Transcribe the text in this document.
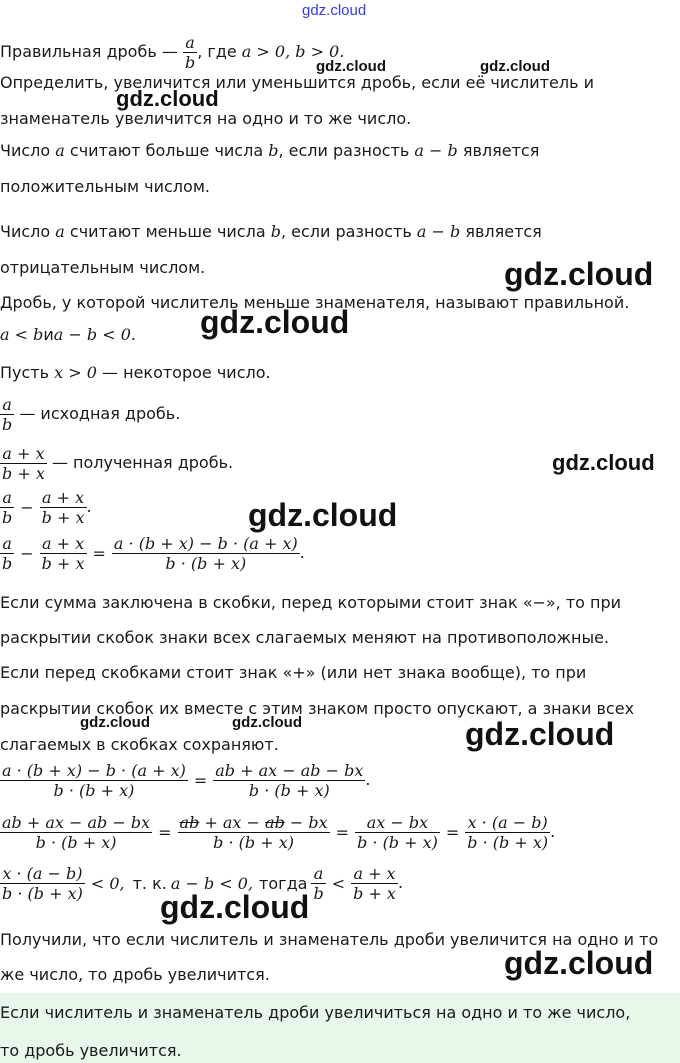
gdz.cloud
Правильная дробь — $\frac{a}{b}$ , где a > 0, b > 0.
Определить, увеличится или уменьшится дробь, если её числитель и
знаменатель увеличится на одно и то же число.
Число a считают больше числа b, если разность a − b является
положительным числом.
Число a считают меньше числа b, если разность a − b является
отрицательным числом.
Дробь, у которой числитель меньше знаменателя, называют правильной.
a < bиa − b < 0.
Пусть x > 0 — некоторое число.
$\frac{a}{b}$ — исходная дробь.
$\frac{a + x}{b + x}$ — полученная дробь.
$\frac{a}{b} - \frac{a + x}{b + x}$ .
$\frac{a}{b} - \frac{a + x}{b + x} = \frac{a \cdot (b + x) - b \cdot (a + x)}{b \cdot (b + x)}$ .
Если сумма заключена в скобки, перед которыми стоит знак «−», то при
раскрытии скобок знаки всех слагаемых меняют на противоположные.
Если перед скобками стоит знак «+» (или нет знака вообще), то при
раскрытии скобок их вместе с этим знаком просто опускают, а знаки всех
слагаемых в скобках сохраняют.
$\frac{a \cdot (b + x) - b \cdot (a + x)}{b \cdot (b + x)} = \frac{ab + ax - ab - bx}{b \cdot (b + x)}$ .
$\frac{ab + ax - ab - bx}{b \cdot (b + x)} = \frac{ab + ax - ab - bx}{b \cdot (b + x)} = \frac{ax - bx}{b \cdot (b + x)} = \frac{x \cdot (a - b)}{b \cdot (b + x)}$ .
$\frac{x \cdot (a - b)}{b \cdot (b + x)} < 0$, т. к. a − b < 0, тогда $\frac{a}{b} < \frac{a + x}{b + x}$ .
Получили, что если числитель и знаменатель дроби увеличится на одно и то
же число, то дробь увеличится.
Если числитель и знаменатель дроби увеличиться на одно и то же число,
то дробь увеличится.
gdz.cloud	gdz.cloud
gdz.cloud
gdz.cloud
gdz.cloud
gdz.cloud
gdz.cloud
gdz.cloud	gdz.cloud	gdz.cloud
gdz.cloud
gdz.cloud
